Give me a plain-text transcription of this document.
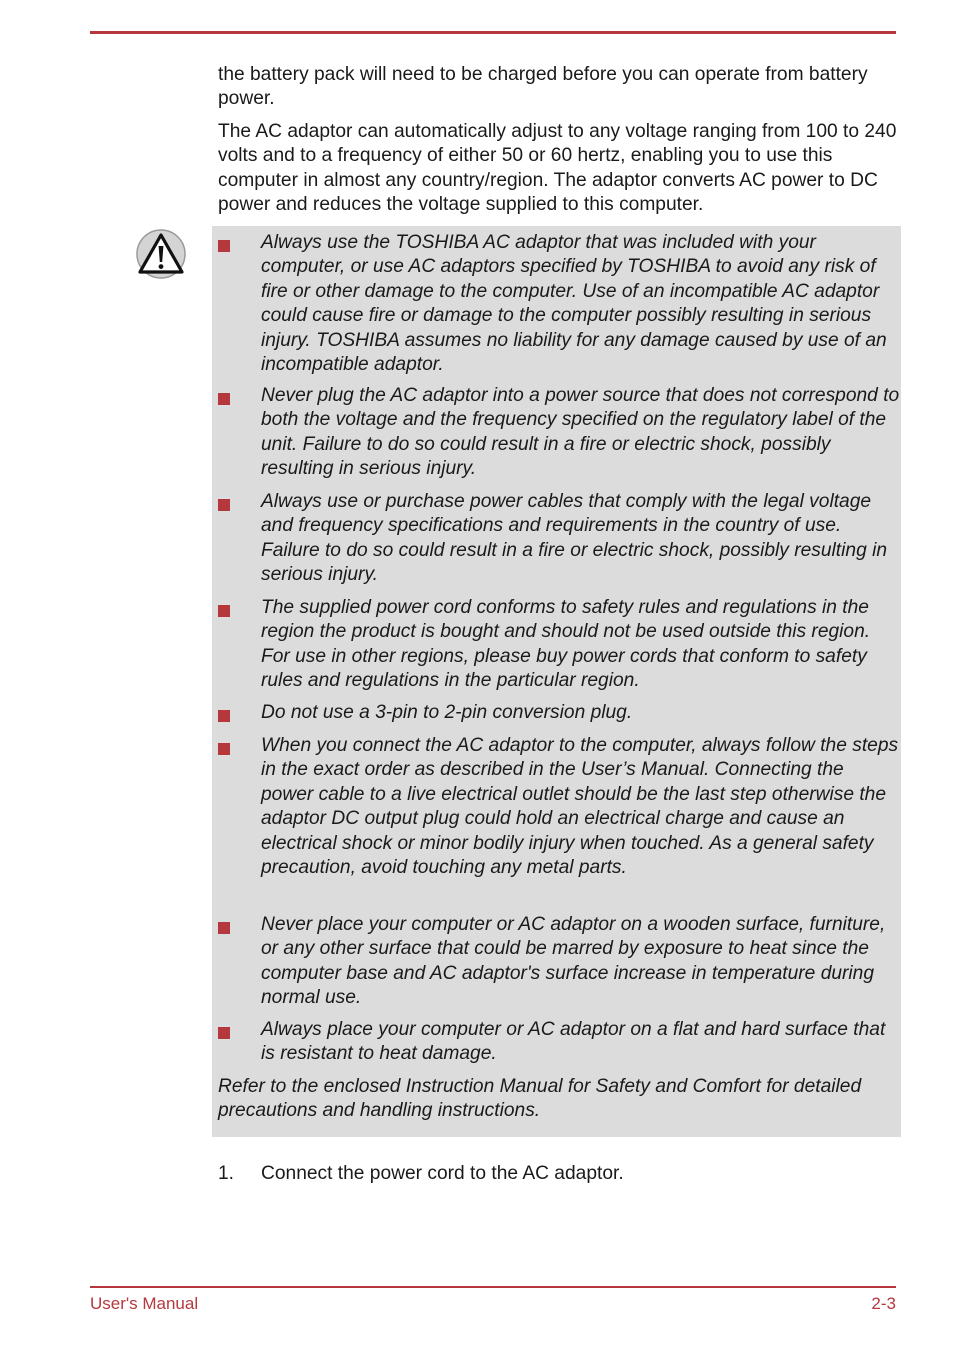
the battery pack will need to be charged before you can operate from battery power.
The AC adaptor can automatically adjust to any voltage ranging from 100 to 240 volts and to a frequency of either 50 or 60 hertz, enabling you to use this computer in almost any country/region. The adaptor converts AC power to DC power and reduces the voltage supplied to this computer.
Always use the TOSHIBA AC adaptor that was included with your computer, or use AC adaptors specified by TOSHIBA to avoid any risk of fire or other damage to the computer. Use of an incompatible AC adaptor could cause fire or damage to the computer possibly resulting in serious injury. TOSHIBA assumes no liability for any damage caused by use of an incompatible adaptor.
Never plug the AC adaptor into a power source that does not correspond to both the voltage and the frequency specified on the regulatory label of the unit. Failure to do so could result in a fire or electric shock, possibly resulting in serious injury.
Always use or purchase power cables that comply with the legal voltage and frequency specifications and requirements in the country of use. Failure to do so could result in a fire or electric shock, possibly resulting in serious injury.
The supplied power cord conforms to safety rules and regulations in the region the product is bought and should not be used outside this region. For use in other regions, please buy power cords that conform to safety rules and regulations in the particular region.
Do not use a 3-pin to 2-pin conversion plug.
When you connect the AC adaptor to the computer, always follow the steps in the exact order as described in the User’s Manual. Connecting the power cable to a live electrical outlet should be the last step otherwise the adaptor DC output plug could hold an electrical charge and cause an electrical shock or minor bodily injury when touched. As a general safety precaution, avoid touching any metal parts.
Never place your computer or AC adaptor on a wooden surface, furniture, or any other surface that could be marred by exposure to heat since the computer base and AC adaptor's surface increase in temperature during normal use.
Always place your computer or AC adaptor on a flat and hard surface that is resistant to heat damage.
Refer to the enclosed Instruction Manual for Safety and Comfort for detailed precautions and handling instructions.
1. Connect the power cord to the AC adaptor.
User's Manual	2-3
